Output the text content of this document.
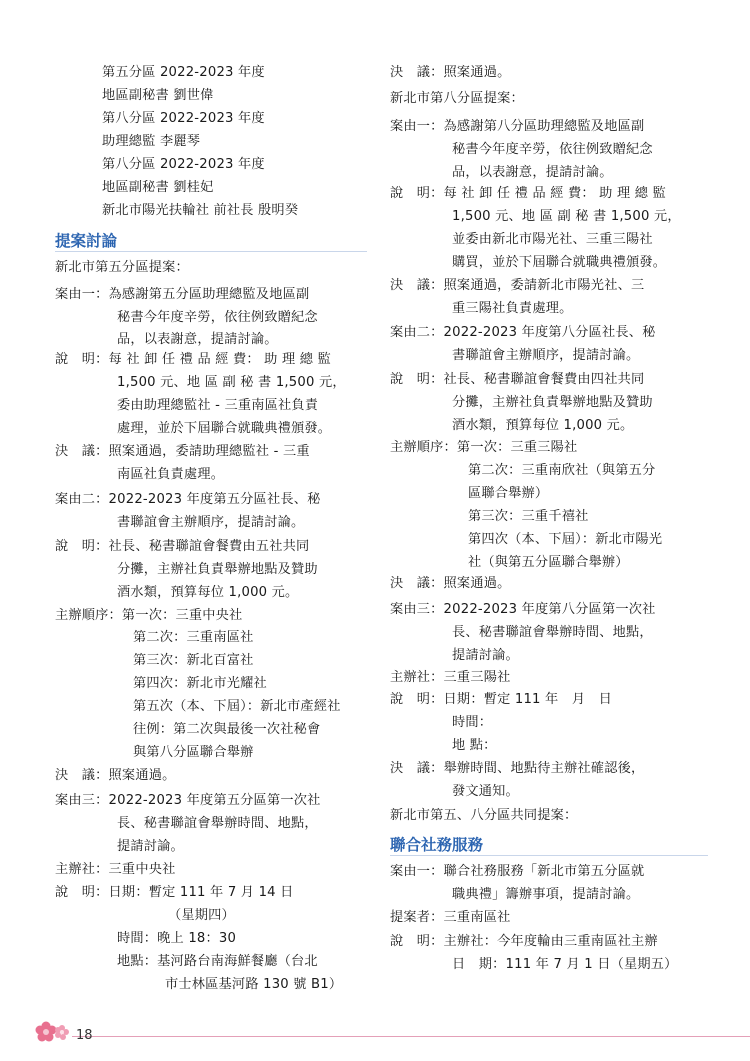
第五分區 2022-2023 年度
地區副秘書 劉世偉
第八分區 2022-2023 年度
助理總監 李麗琴
第八分區 2022-2023 年度
地區副秘書 劉桂妃
新北市陽光扶輪社 前社長 殷明癸
提案討論
新北市第五分區提案：
案由一：為感謝第五分區助理總監及地區副
秘書今年度辛勞，依往例致贈紀念
品，以表謝意，提請討論。
說　明：每 社 卸 任 禮 品 經 費： 助 理 總 監
1,500 元、地 區 副 秘 書 1,500 元，
委由助理總監社 - 三重南區社負責
處理，並於下屆聯合就職典禮頒發。
決　議：照案通過，委請助理總監社 - 三重
南區社負責處理。
案由二：2022-2023 年度第五分區社長、秘
書聯誼會主辦順序，提請討論。
說　明：社長、秘書聯誼會餐費由五社共同
分攤，主辦社負責舉辦地點及贊助
酒水類，預算每位 1,000 元。
主辦順序：第一次：三重中央社
第二次：三重南區社
第三次：新北百富社
第四次：新北市光耀社
第五次（本、下屆）：新北市產經社
往例：第二次與最後一次社秘會
與第八分區聯合舉辦
決　議：照案通過。
案由三：2022-2023 年度第五分區第一次社
長、秘書聯誼會舉辦時間、地點，
提請討論。
主辦社：三重中央社
說　明：日期：暫定 111 年 7 月 14 日
（星期四）
時間：晚上 18：30
地點：基河路台南海鮮餐廳（台北
市士林區基河路 130 號 B1）
決　議：照案通過。
新北市第八分區提案：
案由一：為感謝第八分區助理總監及地區副
秘書今年度辛勞，依往例致贈紀念
品，以表謝意，提請討論。
說　明：每 社 卸 任 禮 品 經 費： 助 理 總 監
1,500 元、地 區 副 秘 書 1,500 元，
並委由新北市陽光社、三重三陽社
購買，並於下屆聯合就職典禮頒發。
決　議：照案通過，委請新北市陽光社、三
重三陽社負責處理。
案由二：2022-2023 年度第八分區社長、秘
書聯誼會主辦順序，提請討論。
說　明：社長、秘書聯誼會餐費由四社共同
分攤，主辦社負責舉辦地點及贊助
酒水類，預算每位 1,000 元。
主辦順序：第一次：三重三陽社
第二次：三重南欣社（與第五分
區聯合舉辦）
第三次：三重千禧社
第四次（本、下屆）：新北市陽光
社（與第五分區聯合舉辦）
決　議：照案通過。
案由三：2022-2023 年度第八分區第一次社
長、秘書聯誼會舉辦時間、地點，
提請討論。
主辦社：三重三陽社
說　明：日期：暫定 111 年　月　日
時間：
地 點：
決　議：舉辦時間、地點待主辦社確認後，
發文通知。
新北市第五、八分區共同提案：
聯合社務服務
案由一：聯合社務服務「新北市第五分區就
職典禮」籌辦事項，提請討論。
提案者：三重南區社
說　明：主辦社：今年度輪由三重南區社主辦
日　期：111 年 7 月 1 日（星期五）
18
